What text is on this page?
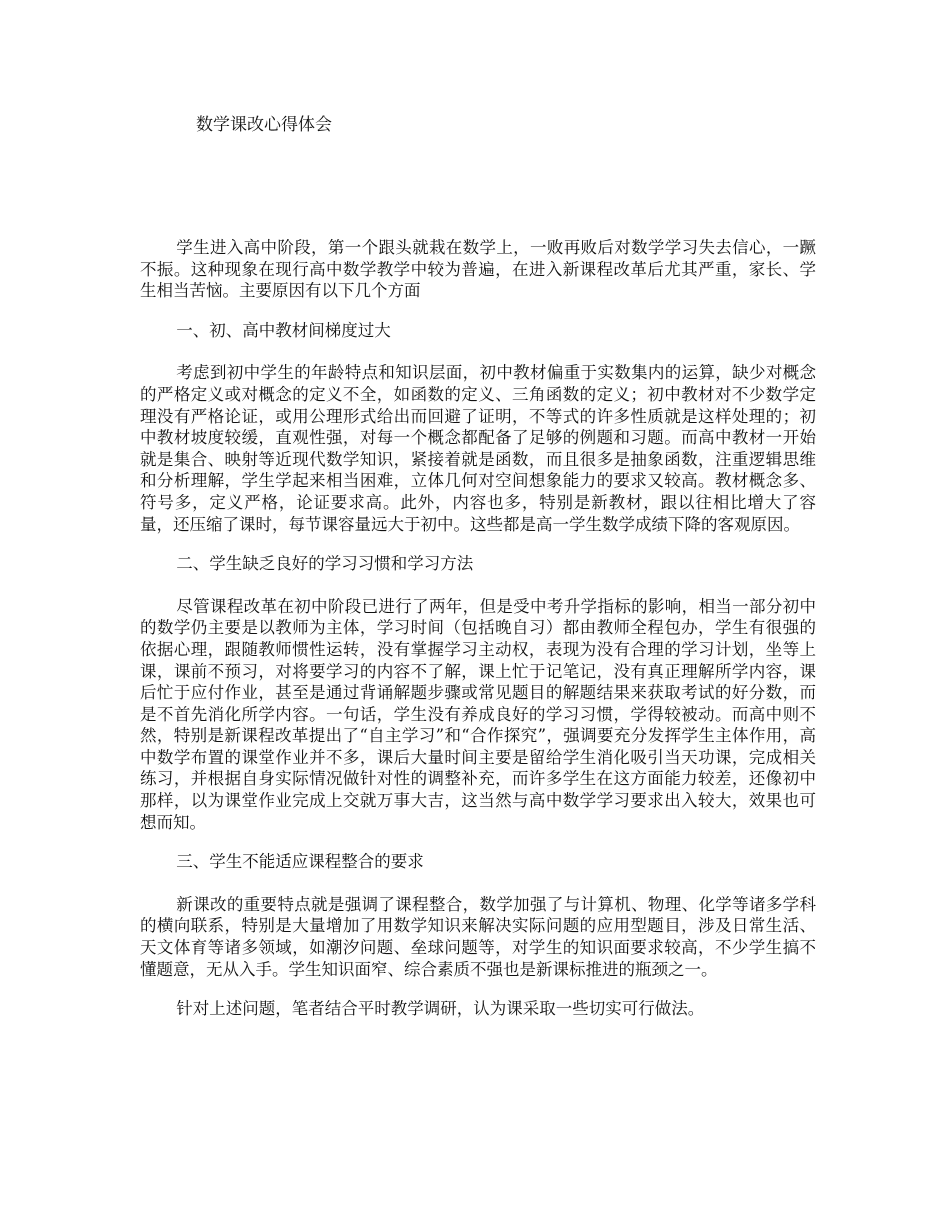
数学课改心得体会

学生进入高中阶段，第一个跟头就栽在数学上，一败再败后对数学学习失去信心，一蹶不振。这种现象在现行高中数学教学中较为普遍，在进入新课程改革后尤其严重，家长、学生相当苦恼。主要原因有以下几个方面

一、初、高中教材间梯度过大

考虑到初中学生的年龄特点和知识层面，初中教材偏重于实数集内的运算，缺少对概念的严格定义或对概念的定义不全，如函数的定义、三角函数的定义；初中教材对不少数学定理没有严格论证，或用公理形式给出而回避了证明，不等式的许多性质就是这样处理的；初中教材坡度较缓，直观性强，对每一个概念都配备了足够的例题和习题。而高中教材一开始就是集合、映射等近现代数学知识，紧接着就是函数，而且很多是抽象函数，注重逻辑思维和分析理解，学生学起来相当困难，立体几何对空间想象能力的要求又较高。教材概念多、符号多，定义严格，论证要求高。此外，内容也多，特别是新教材，跟以往相比增大了容量，还压缩了课时，每节课容量远大于初中。这些都是高一学生数学成绩下降的客观原因。

二、学生缺乏良好的学习习惯和学习方法

尽管课程改革在初中阶段已进行了两年，但是受中考升学指标的影响，相当一部分初中的数学仍主要是以教师为主体，学习时间（包括晚自习）都由教师全程包办，学生有很强的依据心理，跟随教师惯性运转，没有掌握学习主动权，表现为没有合理的学习计划，坐等上课，课前不预习，对将要学习的内容不了解，课上忙于记笔记，没有真正理解所学内容，课后忙于应付作业，甚至是通过背诵解题步骤或常见题目的解题结果来获取考试的好分数，而是不首先消化所学内容。一句话，学生没有养成良好的学习习惯，学得较被动。而高中则不然，特别是新课程改革提出了“自主学习”和“合作探究”，强调要充分发挥学生主体作用，高中数学布置的课堂作业并不多，课后大量时间主要是留给学生消化吸引当天功课，完成相关练习，并根据自身实际情况做针对性的调整补充，而许多学生在这方面能力较差，还像初中那样，以为课堂作业完成上交就万事大吉，这当然与高中数学学习要求出入较大，效果也可想而知。

三、学生不能适应课程整合的要求

新课改的重要特点就是强调了课程整合，数学加强了与计算机、物理、化学等诸多学科的横向联系，特别是大量增加了用数学知识来解决实际问题的应用型题目，涉及日常生活、天文体育等诸多领域，如潮汐问题、垒球问题等，对学生的知识面要求较高，不少学生搞不懂题意，无从入手。学生知识面窄、综合素质不强也是新课标推进的瓶颈之一。

针对上述问题，笔者结合平时教学调研，认为课采取一些切实可行做法。
